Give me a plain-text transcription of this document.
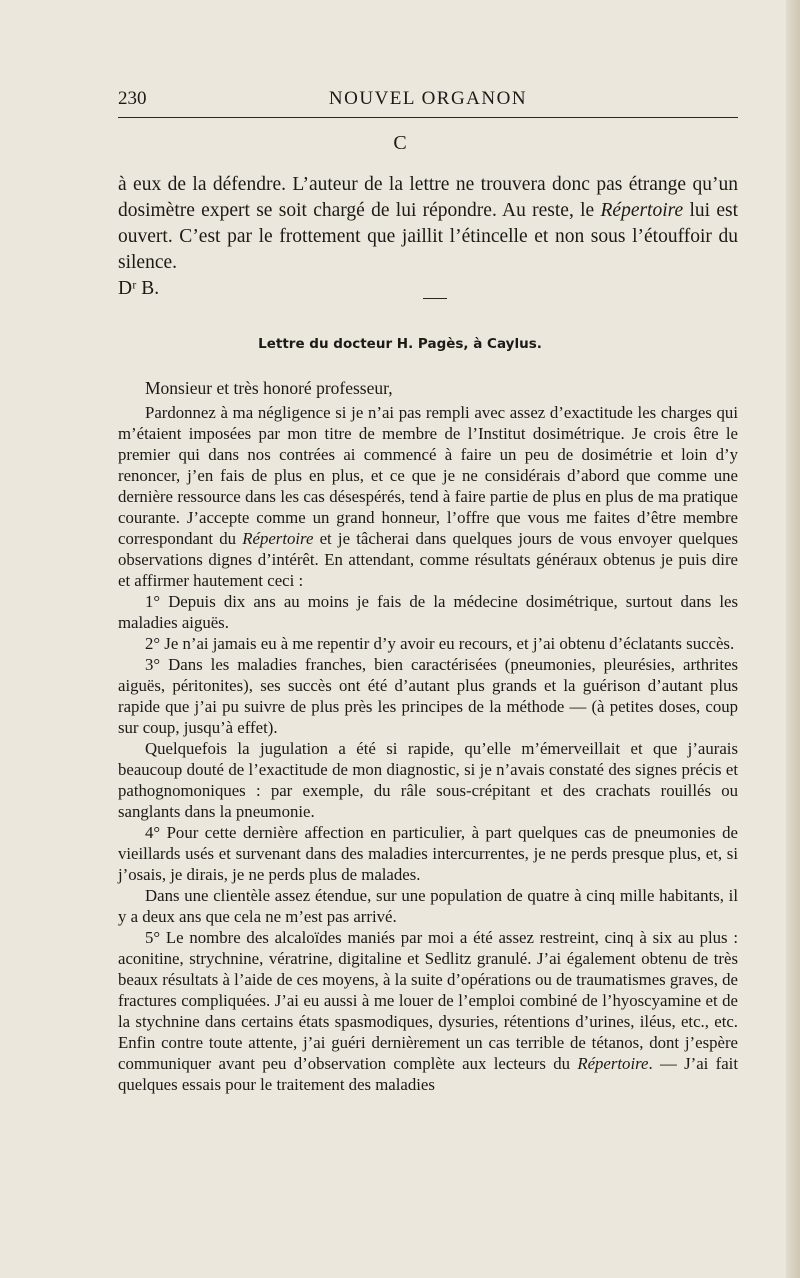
230	NOUVEL ORGANON
C

à eux de la défendre. L’auteur de la lettre ne trouvera donc pas étrange qu’un dosimètre expert se soit chargé de lui répondre. Au reste, le Répertoire lui est ouvert. C’est par le frottement que jaillit l’étincelle et non sous l’étouffoir du silence.

Dʳ B.

Lettre du docteur H. Pagès, à Caylus.
Monsieur et très honoré professeur,

Pardonnez à ma négligence si je n’ai pas rempli avec assez d’exactitude les charges qui m’étaient imposées par mon titre de membre de l’Institut dosimétrique. Je crois être le premier qui dans nos contrées ai commencé à faire un peu de dosimétrie et loin d’y renoncer, j’en fais de plus en plus, et ce que je ne considérais d’abord que comme une dernière ressource dans les cas désespérés, tend à faire partie de plus en plus de ma pratique courante. J’accepte comme un grand honneur, l’offre que vous me faites d’être membre correspondant du Répertoire et je tâcherai dans quelques jours de vous envoyer quelques observations dignes d’intérêt. En attendant, comme résultats généraux obtenus je puis dire et affirmer hautement ceci :

1° Depuis dix ans au moins je fais de la médecine dosimétrique, surtout dans les maladies aiguës.

2° Je n’ai jamais eu à me repentir d’y avoir eu recours, et j’ai obtenu d’éclatants succès.

3° Dans les maladies franches, bien caractérisées (pneumonies, pleurésies, arthrites aiguës, péritonites), ses succès ont été d’autant plus grands et la guérison d’autant plus rapide que j’ai pu suivre de plus près les principes de la méthode — (à petites doses, coup sur coup, jusqu’à effet).

Quelquefois la jugulation a été si rapide, qu’elle m’émerveillait et que j’aurais beaucoup douté de l’exactitude de mon diagnostic, si je n’avais constaté des signes précis et pathognomoniques : par exemple, du râle sous-crépitant et des crachats rouillés ou sanglants dans la pneumonie.

4° Pour cette dernière affection en particulier, à part quelques cas de pneumonies de vieillards usés et survenant dans des maladies intercurrentes, je ne perds presque plus, et, si j’osais, je dirais, je ne perds plus de malades.

Dans une clientèle assez étendue, sur une population de quatre à cinq mille habitants, il y a deux ans que cela ne m’est pas arrivé.

5° Le nombre des alcaloïdes maniés par moi a été assez restreint, cinq à six au plus : aconitine, strychnine, vératrine, digitaline et Sedlitz granulé. J’ai également obtenu de très beaux résultats à l’aide de ces moyens, à la suite d’opérations ou de traumatismes graves, de fractures compliquées. J’ai eu aussi à me louer de l’emploi combiné de l’hyoscyamine et de la stychnine dans certains états spasmodiques, dysuries, rétentions d’urines, iléus, etc., etc. Enfin contre toute attente, j’ai guéri dernièrement un cas terrible de tétanos, dont j’espère communiquer avant peu d’observation complète aux lecteurs du Répertoire. — J’ai fait quelques essais pour le traitement des maladies
